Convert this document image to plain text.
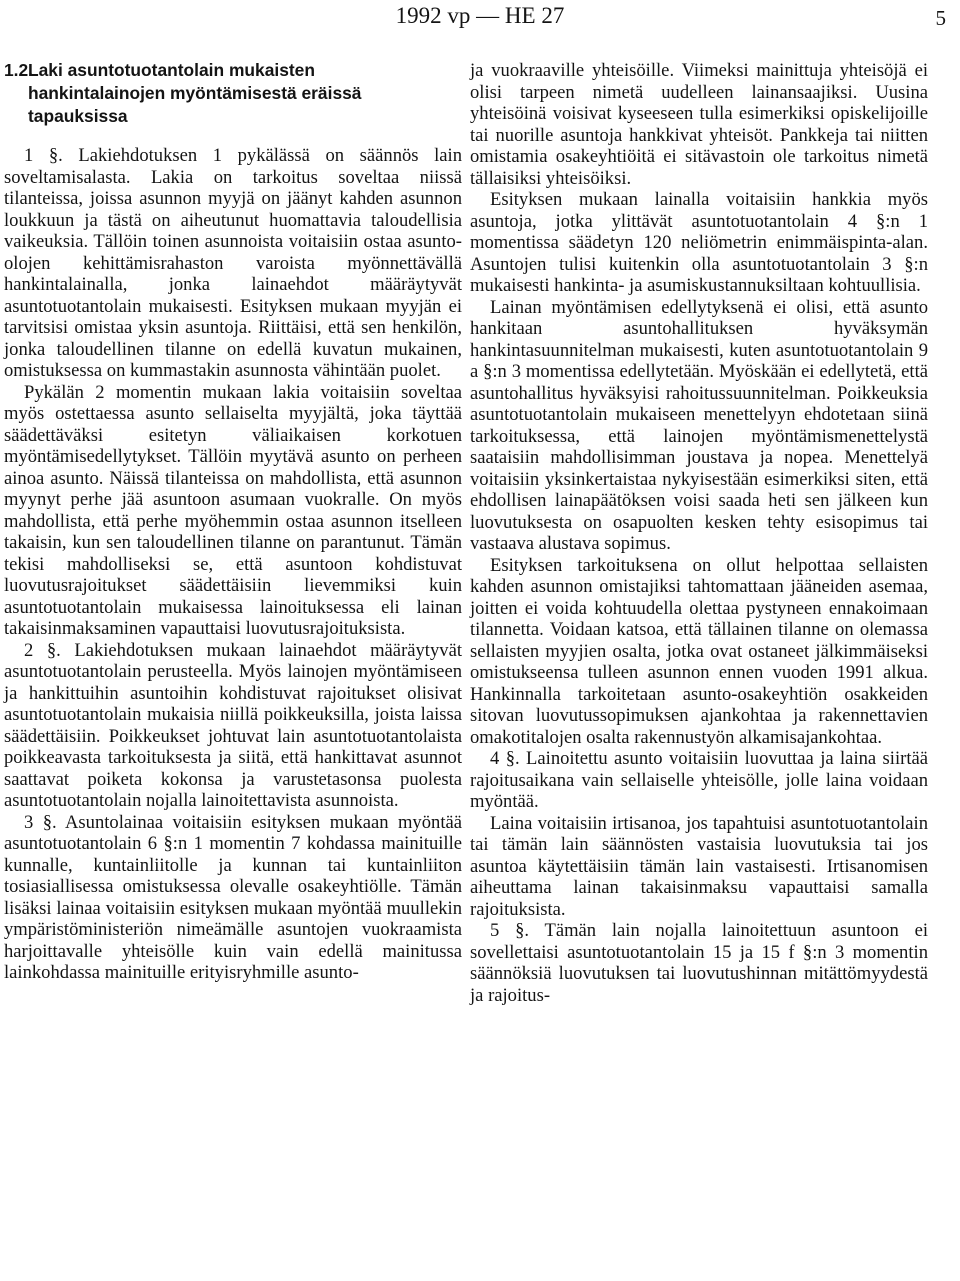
1992 vp — HE 27	5
1.2.Laki asuntotuotantolain mukaisten hankintalainojen myöntämisestä eräissä tapauksissa

1 §. Lakiehdotuksen 1 pykälässä on säännös lain soveltamisalasta. Lakia on tarkoitus soveltaa niissä tilanteissa, joissa asunnon myyjä on jäänyt kahden asunnon loukkuun ja tästä on aiheutunut huomattavia taloudellisia vaikeuksia. Tällöin toinen asunnoista voitaisiin ostaa asunto-olojen kehittämisrahaston varoista myönnettävällä hankintalainalla, jonka lainaehdot määräytyvät asuntotuotantolain mukaisesti. Esityksen mukaan myyjän ei tarvitsisi omistaa yksin asuntoja. Riittäisi, että sen henkilön, jonka taloudellinen tilanne on edellä kuvatun mukainen, omistuksessa on kummastakin asunnosta vähintään puolet.

Pykälän 2 momentin mukaan lakia voitaisiin soveltaa myös ostettaessa asunto sellaiselta myyjältä, joka täyttää säädettäväksi esitetyn väliaikaisen korkotuen myöntämisedellytykset. Tällöin myytävä asunto on perheen ainoa asunto. Näissä tilanteissa on mahdollista, että asunnon myynyt perhe jää asuntoon asumaan vuokralle. On myös mahdollista, että perhe myöhemmin ostaa asunnon itselleen takaisin, kun sen taloudellinen tilanne on parantunut. Tämän tekisi mahdolliseksi se, että asuntoon kohdistuvat luovutusrajoitukset säädettäisiin lievemmiksi kuin asuntotuotantolain mukaisessa lainoituksessa eli lainan takaisinmaksaminen vapauttaisi luovutusrajoituksista.

2 §. Lakiehdotuksen mukaan lainaehdot määräytyvät asuntotuotantolain perusteella. Myös lainojen myöntämiseen ja hankittuihin asuntoihin kohdistuvat rajoitukset olisivat asuntotuotantolain mukaisia niillä poikkeuksilla, joista laissa säädettäisiin. Poikkeukset johtuvat lain asuntotuotantolaista poikkeavasta tarkoituksesta ja siitä, että hankittavat asunnot saattavat poiketa kokonsa ja varustetasonsa puolesta asuntotuotantolain nojalla lainoitettavista asunnoista.

3 §. Asuntolainaa voitaisiin esityksen mukaan myöntää asuntotuotantolain 6 §:n 1 momentin 7 kohdassa mainituille kunnalle, kuntainliitolle ja kunnan tai kuntainliiton tosiasiallisessa omistuksessa olevalle osakeyhtiölle. Tämän lisäksi lainaa voitaisiin esityksen mukaan myöntää muullekin ympäristöministeriön nimeämälle asuntojen vuokraamista harjoittavalle yhteisölle kuin vain edellä mainitussa lainkohdassa mainituille erityisryhmille asunto-

ja vuokraaville yhteisöille. Viimeksi mainittuja yhteisöjä ei olisi tarpeen nimetä uudelleen lainansaajiksi. Uusina yhteisöinä voisivat kyseeseen tulla esimerkiksi opiskelijoille tai nuorille asuntoja hankkivat yhteisöt. Pankkeja tai niitten omistamia osakeyhtiöitä ei sitävastoin ole tarkoitus nimetä tällaisiksi yhteisöiksi.

Esityksen mukaan lainalla voitaisiin hankkia myös asuntoja, jotka ylittävät asuntotuotantolain 4 §:n 1 momentissa säädetyn 120 neliömetrin enimmäispinta-alan. Asuntojen tulisi kuitenkin olla asuntotuotantolain 3 §:n mukaisesti hankinta- ja asumiskustannuksiltaan kohtuullisia.

Lainan myöntämisen edellytyksenä ei olisi, että asunto hankitaan asuntohallituksen hyväksymän hankintasuunnitelman mukaisesti, kuten asuntotuotantolain 9 a §:n 3 momentissa edellytetään. Myöskään ei edellytetä, että asuntohallitus hyväksyisi rahoitussuunnitelman. Poikkeuksia asuntotuotantolain mukaiseen menettelyyn ehdotetaan siinä tarkoituksessa, että lainojen myöntämismenettelystä saataisiin mahdollisimman joustava ja nopea. Menettelyä voitaisiin yksinkertaistaa nykyisestään esimerkiksi siten, että ehdollisen lainapäätöksen voisi saada heti sen jälkeen kun luovutuksesta on osapuolten kesken tehty esisopimus tai vastaava alustava sopimus.

Esityksen tarkoituksena on ollut helpottaa sellaisten kahden asunnon omistajiksi tahtomattaan jääneiden asemaa, joitten ei voida kohtuudella olettaa pystyneen ennakoimaan tilannetta. Voidaan katsoa, että tällainen tilanne on olemassa sellaisten myyjien osalta, jotka ovat ostaneet jälkimmäiseksi omistukseensa tulleen asunnon ennen vuoden 1991 alkua. Hankinnalla tarkoitetaan asunto-osakeyhtiön osakkeiden sitovan luovutussopimuksen ajankohtaa ja rakennettavien omakotitalojen osalta rakennustyön alkamisajankohtaa.

4 §. Lainoitettu asunto voitaisiin luovuttaa ja laina siirtää rajoitusaikana vain sellaiselle yhteisölle, jolle laina voidaan myöntää.

Laina voitaisiin irtisanoa, jos tapahtuisi asuntotuotantolain tai tämän lain säännösten vastaisia luovutuksia tai jos asuntoa käytettäisiin tämän lain vastaisesti. Irtisanomisen aiheuttama lainan takaisinmaksu vapauttaisi samalla rajoituksista.

5 §. Tämän lain nojalla lainoitettuun asuntoon ei sovellettaisi asuntotuotantolain 15 ja 15 f §:n 3 momentin säännöksiä luovutuksen tai luovutushinnan mitättömyydestä ja rajoitus-
